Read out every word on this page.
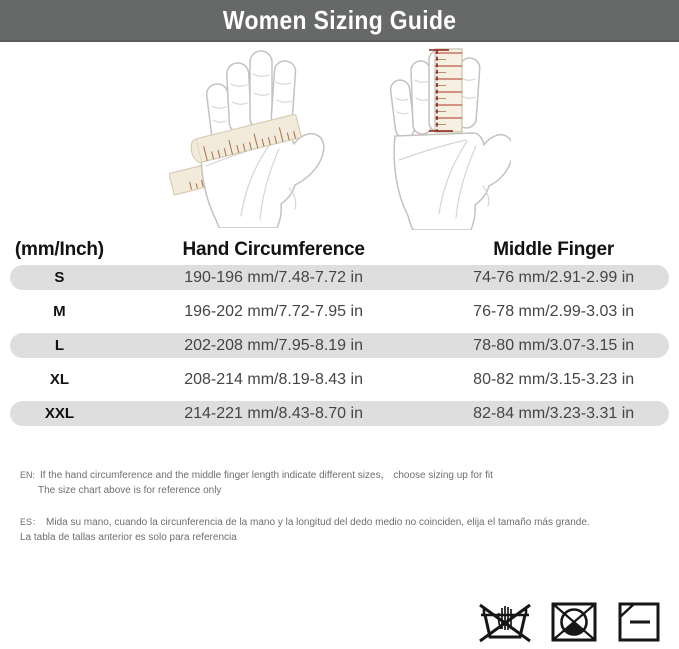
Women Sizing Guide
(mm/Inch)	Hand Circumference	Middle Finger
S	190-196 mm/7.48-7.72 in	74-76 mm/2.91-2.99 in
M	196-202 mm/7.72-7.95 in	76-78 mm/2.99-3.03 in
L	202-208 mm/7.95-8.19 in	78-80 mm/3.07-3.15 in
XL	208-214 mm/8.19-8.43 in	80-82 mm/3.15-3.23 in
XXL	214-221 mm/8.43-8.70 in	82-84 mm/3.23-3.31 in
EN: If the hand circumference and the middle finger length indicate different sizes， choose sizing up for fit
The size chart above is for reference only
ES： Mida su mano, cuando la circunferencia de la mano y la longitud del dedo medio no coinciden, elija el tamaño más grande.
La tabla de tallas anterior es solo para referencia
